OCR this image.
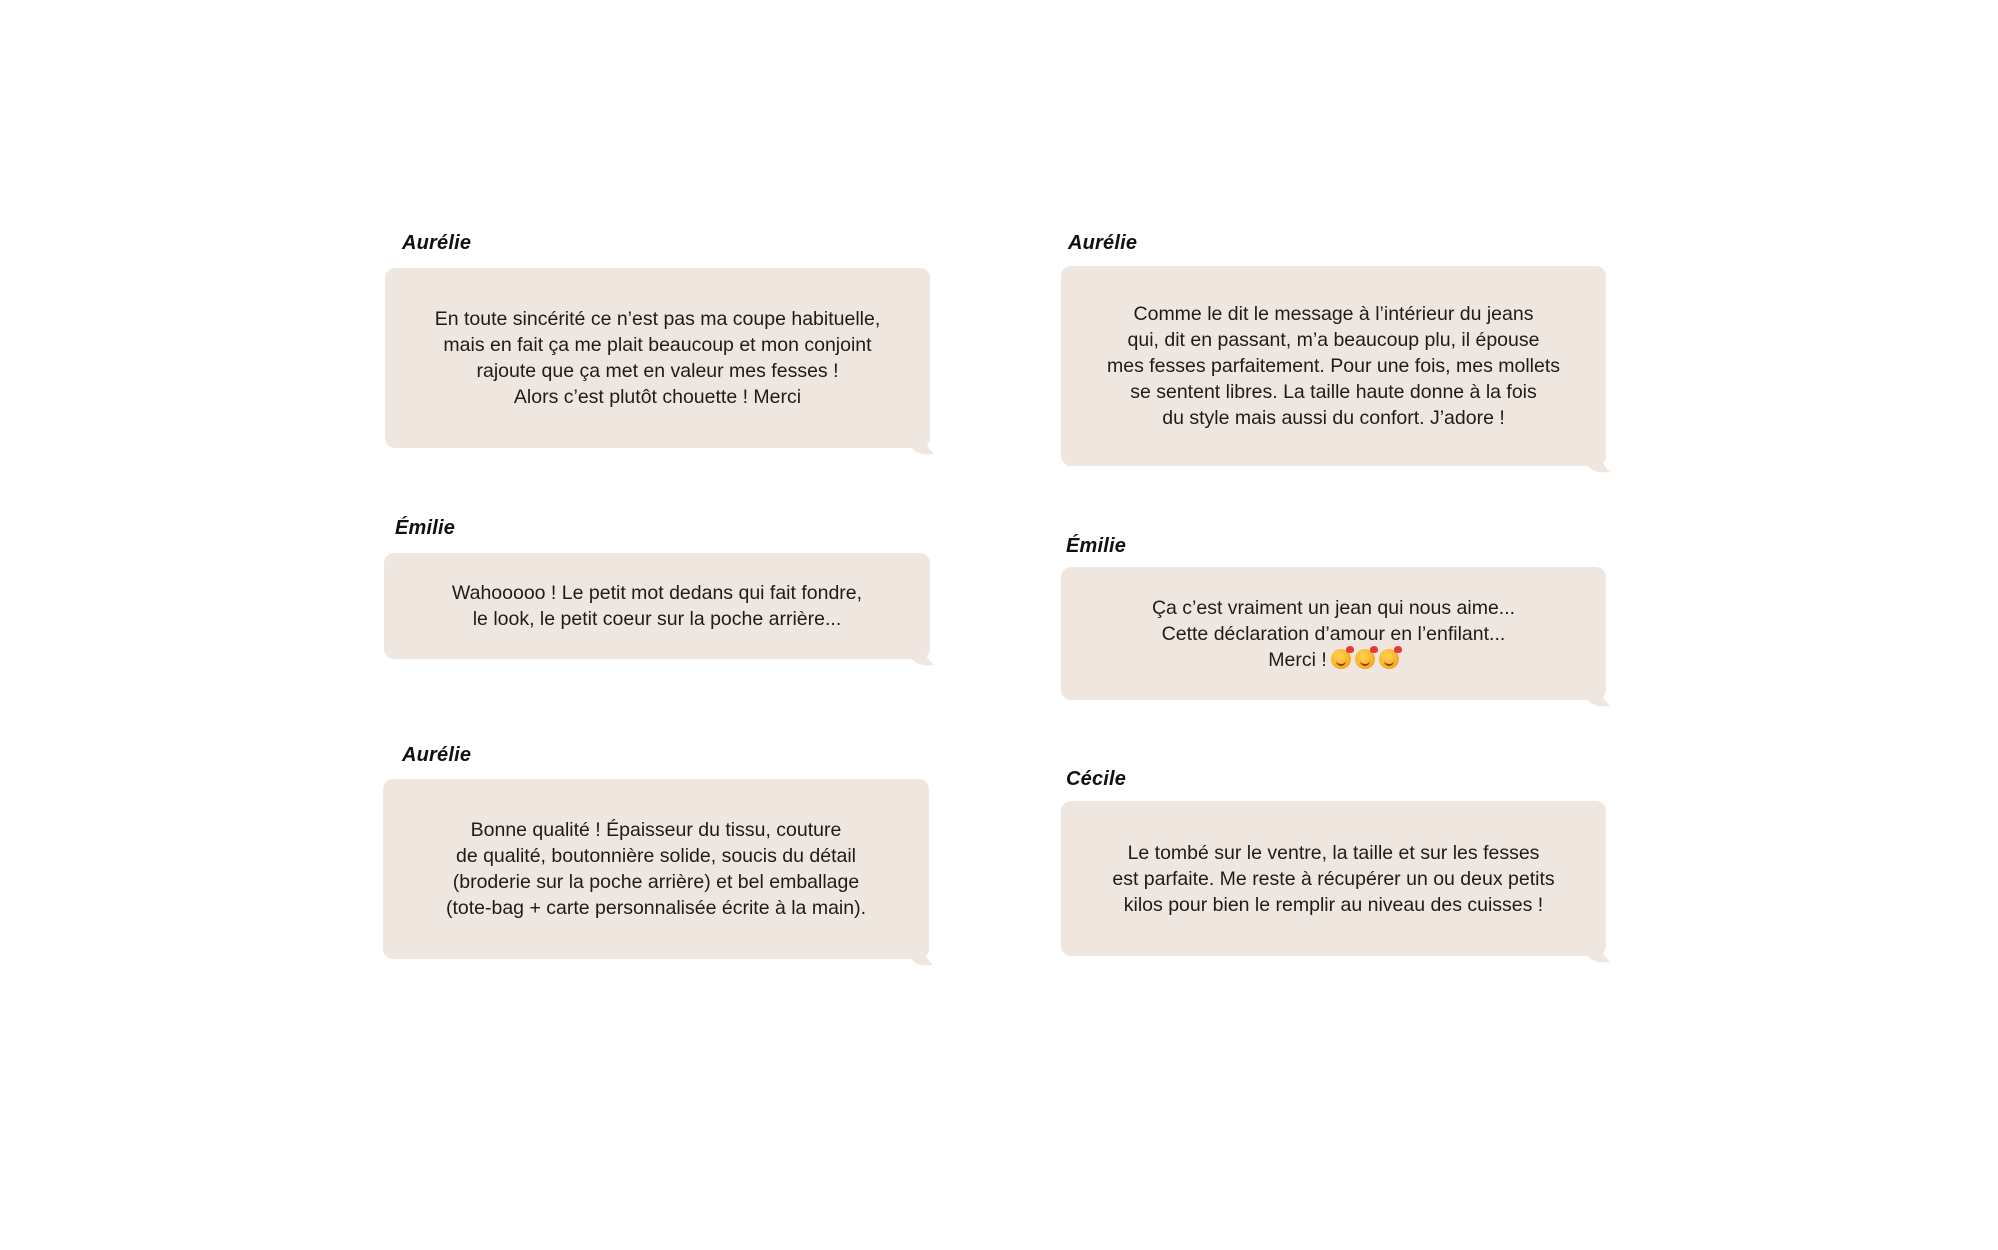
Aurélie
En toute sincérité ce n’est pas ma coupe habituelle,
mais en fait ça me plait beaucoup et mon conjoint
rajoute que ça met en valeur mes fesses !
Alors c’est plutôt chouette ! Merci
Aurélie
Comme le dit le message à l’intérieur du jeans
qui, dit en passant, m’a beaucoup plu, il épouse
mes fesses parfaitement. Pour une fois, mes mollets
se sentent libres. La taille haute donne à la fois
du style mais aussi du confort. J’adore !
Émilie
Wahooooo ! Le petit mot dedans qui fait fondre,
le look, le petit coeur sur la poche arrière...
Émilie
Ça c’est vraiment un jean qui nous aime...
Cette déclaration d’amour en l’enfilant...
Merci !
Aurélie
Bonne qualité ! Épaisseur du tissu, couture
de qualité, boutonnière solide, soucis du détail
(broderie sur la poche arrière) et bel emballage
(tote-bag + carte personnalisée écrite à la main).
Cécile
Le tombé sur le ventre, la taille et sur les fesses
est parfaite. Me reste à récupérer un ou deux petits
kilos pour bien le remplir au niveau des cuisses !
